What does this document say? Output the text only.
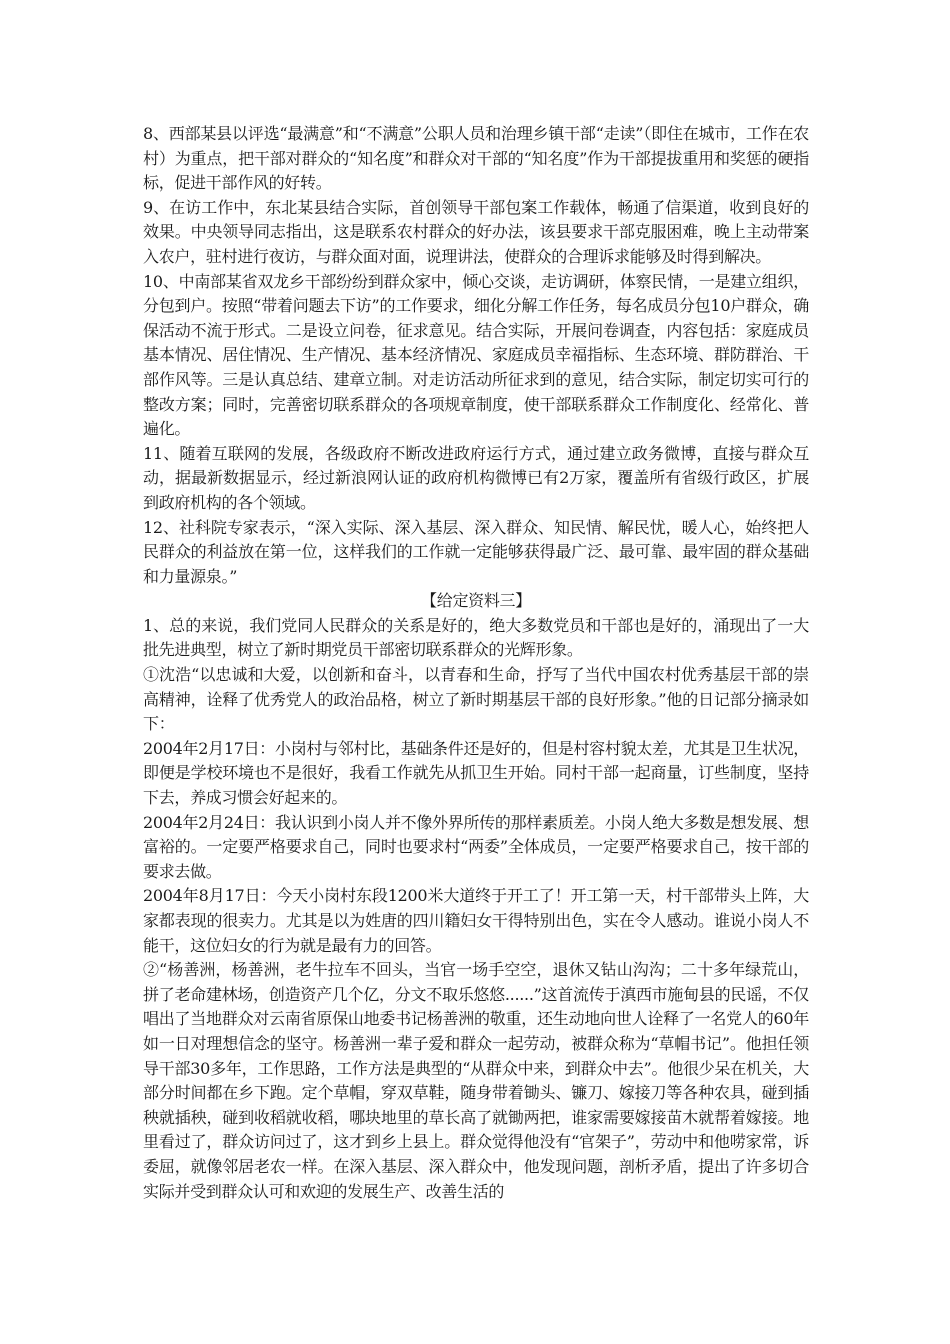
8、西部某县以评选“最满意”和“不满意”公职人员和治理乡镇干部“走读”（即住在城市，工作在农村）为重点，把干部对群众的“知名度”和群众对干部的“知名度”作为干部提拔重用和奖惩的硬指标，促进干部作风的好转。

9、在访工作中，东北某县结合实际，首创领导干部包案工作载体，畅通了信渠道，收到良好的效果。中央领导同志指出，这是联系农村群众的好办法，该县要求干部克服困难，晚上主动带案入农户，驻村进行夜访，与群众面对面，说理讲法，使群众的合理诉求能够及时得到解决。

10、中南部某省双龙乡干部纷纷到群众家中，倾心交谈，走访调研，体察民情，一是建立组织，分包到户。按照“带着问题去下访”的工作要求，细化分解工作任务，每名成员分包10户群众，确保活动不流于形式。二是设立问卷，征求意见。结合实际，开展问卷调查，内容包括：家庭成员基本情况、居住情况、生产情况、基本经济情况、家庭成员幸福指标、生态环境、群防群治、干部作风等。三是认真总结、建章立制。对走访活动所征求到的意见，结合实际，制定切实可行的整改方案；同时，完善密切联系群众的各项规章制度，使干部联系群众工作制度化、经常化、普遍化。

11、随着互联网的发展，各级政府不断改进政府运行方式，通过建立政务微博，直接与群众互动，据最新数据显示，经过新浪网认证的政府机构微博已有2万家，覆盖所有省级行政区，扩展到政府机构的各个领域。

12、社科院专家表示，“深入实际、深入基层、深入群众、知民情、解民忧，暖人心，始终把人民群众的利益放在第一位，这样我们的工作就一定能够获得最广泛、最可靠、最牢固的群众基础和力量源泉。”

【给定资料三】

1、总的来说，我们党同人民群众的关系是好的，绝大多数党员和干部也是好的，涌现出了一大批先进典型，树立了新时期党员干部密切联系群众的光辉形象。

①沈浩“以忠诚和大爱，以创新和奋斗，以青春和生命，抒写了当代中国农村优秀基层干部的崇高精神，诠释了优秀党人的政治品格，树立了新时期基层干部的良好形象。”他的日记部分摘录如下：

2004年2月17日：小岗村与邻村比，基础条件还是好的，但是村容村貌太差，尤其是卫生状况，即便是学校环境也不是很好，我看工作就先从抓卫生开始。同村干部一起商量，订些制度，坚持下去，养成习惯会好起来的。

2004年2月24日：我认识到小岗人并不像外界所传的那样素质差。小岗人绝大多数是想发展、想富裕的。一定要严格要求自己，同时也要求村“两委”全体成员，一定要严格要求自己，按干部的要求去做。

2004年8月17日：今天小岗村东段1200米大道终于开工了！开工第一天，村干部带头上阵，大家都表现的很卖力。尤其是以为姓唐的四川籍妇女干得特别出色，实在令人感动。谁说小岗人不能干，这位妇女的行为就是最有力的回答。

②“杨善洲，杨善洲，老牛拉车不回头，当官一场手空空，退休又钻山沟沟；二十多年绿荒山，拼了老命建林场，创造资产几个亿，分文不取乐悠悠......”这首流传于滇西市施甸县的民谣，不仅唱出了当地群众对云南省原保山地委书记杨善洲的敬重，还生动地向世人诠释了一名党人的60年如一日对理想信念的坚守。杨善洲一辈子爱和群众一起劳动，被群众称为“草帽书记”。他担任领导干部30多年，工作思路，工作方法是典型的“从群众中来，到群众中去”。他很少呆在机关，大部分时间都在乡下跑。定个草帽，穿双草鞋，随身带着锄头、镰刀、嫁接刀等各种农具，碰到插秧就插秧，碰到收稻就收稻，哪块地里的草长高了就锄两把，谁家需要嫁接苗木就帮着嫁接。地里看过了，群众访问过了，这才到乡上县上。群众觉得他没有“官架子”，劳动中和他唠家常，诉委屈，就像邻居老农一样。在深入基层、深入群众中，他发现问题，剖析矛盾，提出了许多切合实际并受到群众认可和欢迎的发展生产、改善生活的
